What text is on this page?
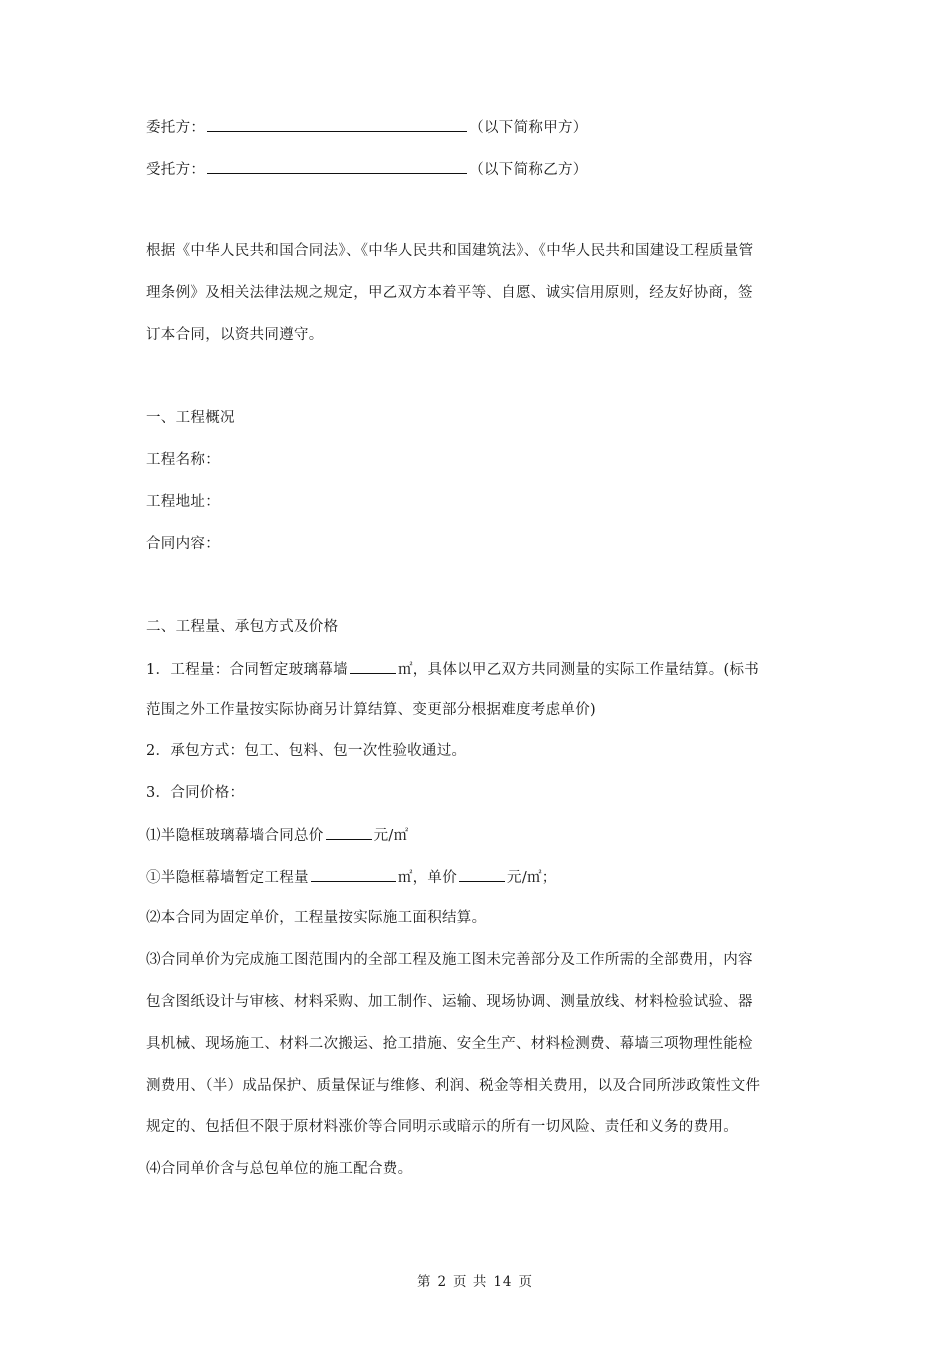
委托方：	（以下简称甲方）
受托方：	（以下简称乙方）
根据《中华人民共和国合同法》、《中华人民共和国建筑法》、《中华人民共和国建设工程质量管
理条例》及相关法律法规之规定，甲乙双方本着平等、自愿、诚实信用原则，经友好协商，签
订本合同，以资共同遵守。
一、工程概况
工程名称：
工程地址：
合同内容：
二、工程量、承包方式及价格
1．工程量：合同暂定玻璃幕墙	㎡，具体以甲乙双方共同测量的实际工作量结算。(标书
范围之外工作量按实际协商另计算结算、变更部分根据难度考虑单价)
2．承包方式：包工、包料、包一次性验收通过。
3．合同价格：
⑴半隐框玻璃幕墙合同总价	元/㎡
①半隐框幕墙暂定工程量	㎡，单价	元/㎡；
⑵本合同为固定单价，工程量按实际施工面积结算。
⑶合同单价为完成施工图范围内的全部工程及施工图未完善部分及工作所需的全部费用，内容
包含图纸设计与审核、材料采购、加工制作、运输、现场协调、测量放线、材料检验试验、器
具机械、现场施工、材料二次搬运、抢工措施、安全生产、材料检测费、幕墙三项物理性能检
测费用、（半）成品保护、质量保证与维修、利润、税金等相关费用，以及合同所涉政策性文件
规定的、包括但不限于原材料涨价等合同明示或暗示的所有一切风险、责任和义务的费用。
⑷合同单价含与总包单位的施工配合费。
第 2 页 共 14 页
